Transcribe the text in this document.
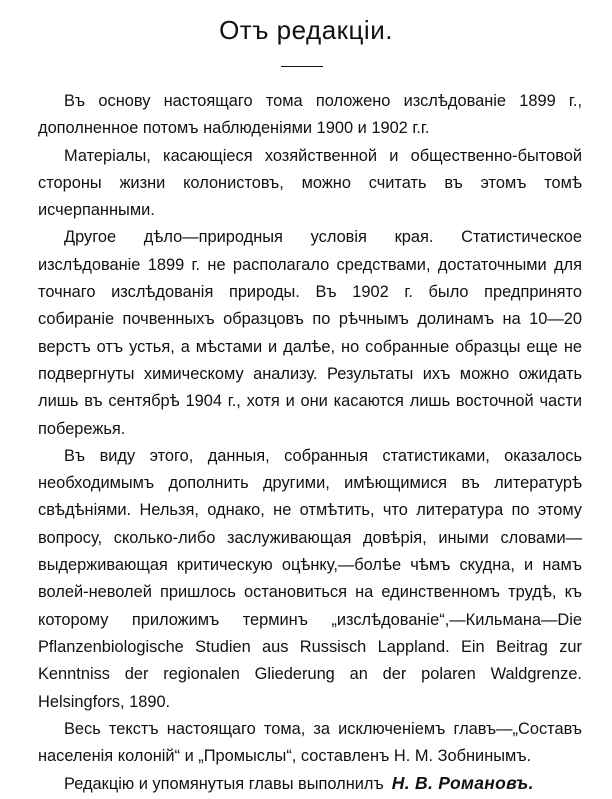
Отъ редакціи.

Въ основу настоящаго тома положено изслѣдованіе 1899 г., дополненное потомъ наблюденіями 1900 и 1902 г.г.

Матеріалы, касающіеся хозяйственной и общественно-бытовой стороны жизни колонистовъ, можно считать въ этомъ томѣ исчерпанными.

Другое дѣло—природныя условія края. Статистическое изслѣдованіе 1899 г. не располагало средствами, достаточными для точнаго изслѣдованія природы. Въ 1902 г. было предпринято собираніе почвенныхъ образцовъ по рѣчнымъ долинамъ на 10—20 верстъ отъ устья, а мѣстами и далѣе, но собранные образцы еще не подвергнуты химическому анализу. Результаты ихъ можно ожидать лишь въ сентябрѣ 1904 г., хотя и они касаются лишь восточной части побережья.

Въ виду этого, данныя, собранныя статистиками, оказалось необходимымъ дополнить другими, имѣющимися въ литературѣ свѣдѣніями. Нельзя, однако, не отмѣтить, что литература по этому вопросу, сколько-либо заслуживающая довѣрія, иными словами—выдерживающая критическую оцѣнку,—болѣе чѣмъ скудна, и намъ волей-неволей пришлось остановиться на единственномъ трудѣ, къ которому приложимъ терминъ „изслѣдованіе“,—Кильмана—Die Pflanzenbiologische Studien aus Russisch Lappland. Ein Beitrag zur Kenntniss der regionalen Gliederung an der polaren Waldgrenze. Helsingfors, 1890.

Весь текстъ настоящаго тома, за исключеніемъ главъ—„Составъ населенія колоній“ и „Промыслы“, составленъ Н. М. Зобнинымъ.

Редакцію и упомянутыя главы выполнилъ Н. В. Романовъ.
